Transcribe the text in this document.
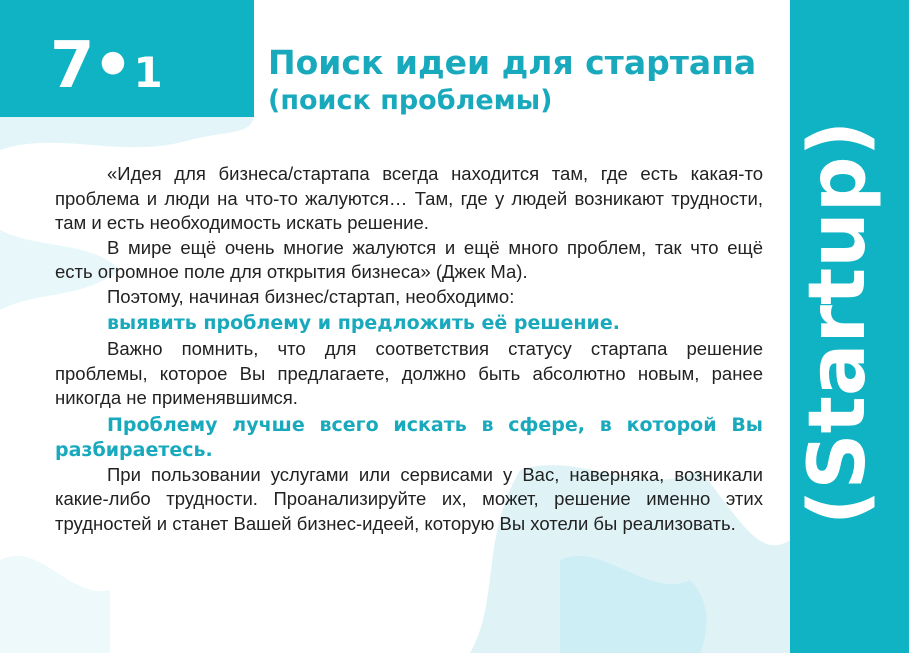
7•1	Поиск идеи для стартапа
(поиск проблемы)
(Startup)

«Идея для бизнеса/стартапа всегда находится там, где есть какая-то проблема и люди на что-то жалуются… Там, где у людей возникают трудности, там и есть необходимость искать решение.

В мире ещё очень многие жалуются и ещё много проблем, так что ещё есть огромное поле для открытия бизнеса» (Джек Ма).

Поэтому, начиная бизнес/стартап, необходимо:

выявить проблему и предложить её решение.

Важно помнить, что для соответствия статусу стартапа решение проблемы, которое Вы предлагаете, должно быть абсолютно новым, ранее никогда не применявшимся.

Проблему лучше всего искать в сфере, в которой Вы разбираетесь.

При пользовании услугами или сервисами у Вас, наверняка, возникали какие-либо трудности. Проанализируйте их, может, решение именно этих трудностей и станет Вашей бизнес-идеей, которую Вы хотели бы реализовать.
